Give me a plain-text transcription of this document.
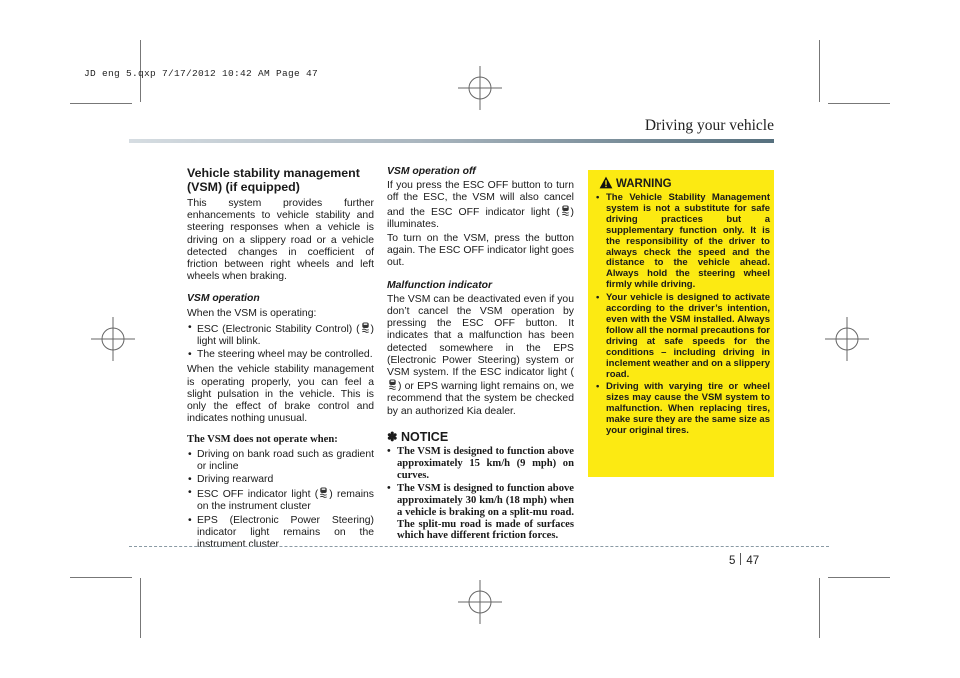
JD eng 5.qxp 7/17/2012 10:42 AM Page 47
Driving your vehicle
Vehicle stability management (VSM) (if equipped)

This system provides further enhancements to vehicle stability and steering responses when a vehicle is driving on a slippery road or a vehicle detected changes in coefficient of friction between right wheels and left wheels when braking.

VSM operation

When the VSM is operating:

• ESC (Electronic Stability Control) ( ) light will blink.
• The steering wheel may be controlled.

When the vehicle stability management is operating properly, you can feel a slight pulsation in the vehicle. This is only the effect of brake control and indicates nothing unusual.

The VSM does not operate when:
• Driving on bank road such as gradient or incline
• Driving rearward
• ESC OFF indicator light ( ) remains on the instrument cluster
• EPS (Electronic Power Steering) indicator light remains on the instrument cluster
VSM operation off

If you press the ESC OFF button to turn off the ESC, the VSM will also cancel and the ESC OFF indicator light ( ) illuminates.

To turn on the VSM, press the button again. The ESC OFF indicator light goes out.

Malfunction indicator

The VSM can be deactivated even if you don’t cancel the VSM operation by pressing the ESC OFF button. It indicates that a malfunction has been detected somewhere in the EPS (Electronic Power Steering) system or VSM system. If the ESC indicator light () or EPS warning light remains on, we recommend that the system be checked by an authorized Kia dealer.

✽ NOTICE
• The VSM is designed to function above approximately 15 km/h (9 mph) on curves.
• The VSM is designed to function above approximately 30 km/h (18 mph) when a vehicle is braking on a split-mu road. The split-mu road is made of surfaces which have different friction forces.
WARNING
• The Vehicle Stability Management system is not a substitute for safe driving practices but a supplementary function only. It is the responsibility of the driver to always check the speed and the distance to the vehicle ahead. Always hold the steering wheel firmly while driving.
• Your vehicle is designed to activate according to the driver’s intention, even with the VSM installed. Always follow all the normal precautions for driving at safe speeds for the conditions – including driving in inclement weather and on a slippery road.
• Driving with varying tire or wheel sizes may cause the VSM system to malfunction. When replacing tires, make sure they are the same size as your original tires.
5 47
